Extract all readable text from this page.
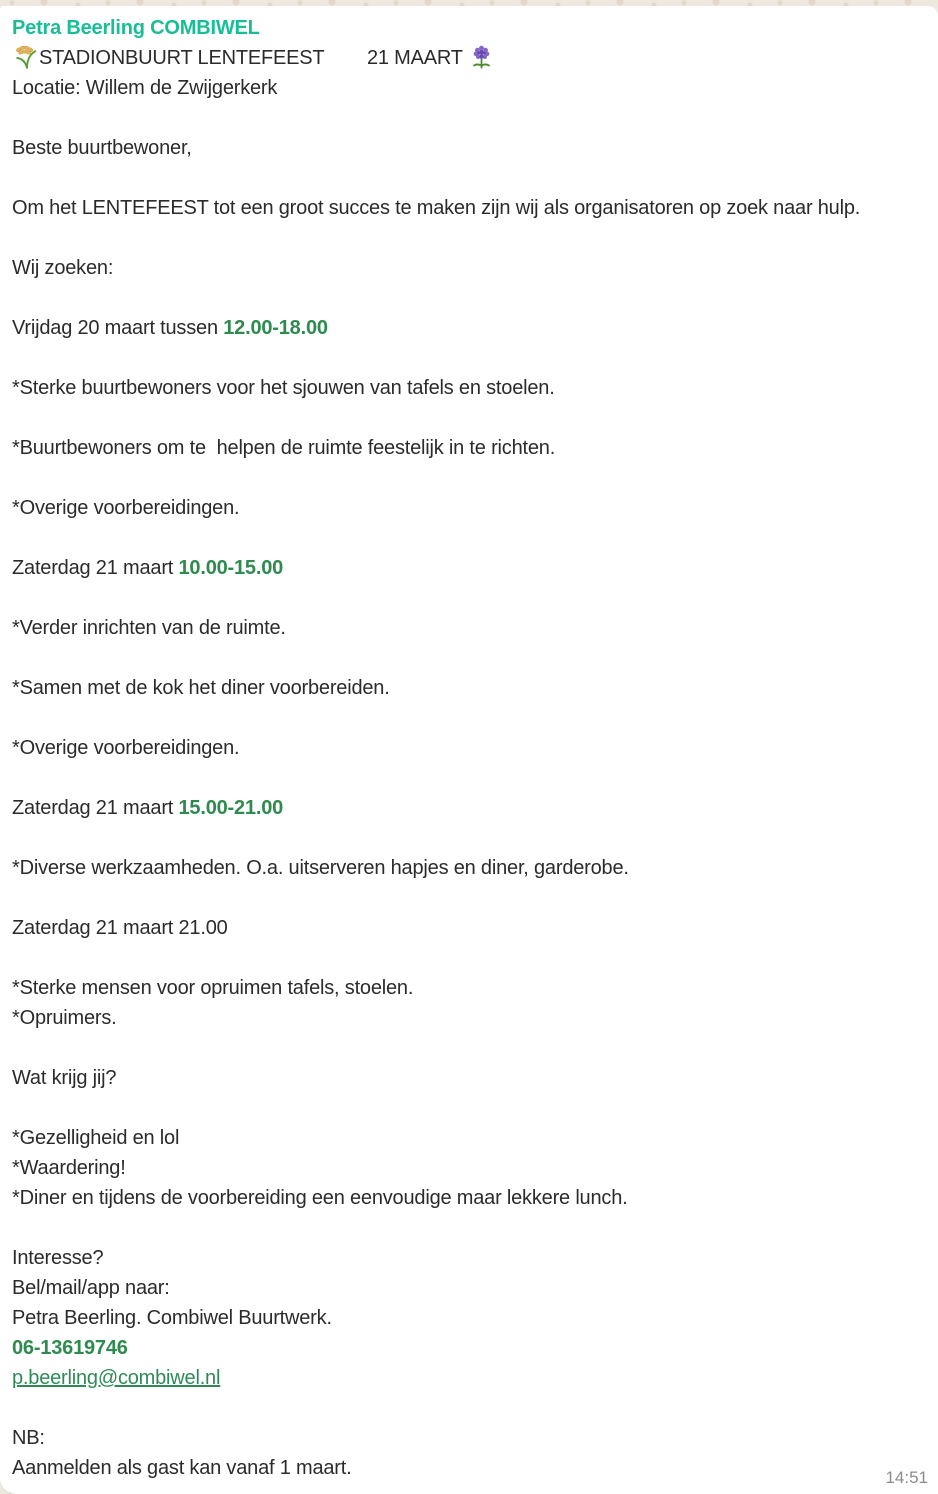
Petra Beerling COMBIWEL
STADIONBUURT LENTEFEEST        21 MAART
Locatie: Willem de Zwijgerkerk
Beste buurtbewoner,
Om het LENTEFEEST tot een groot succes te maken zijn wij als organisatoren op zoek naar hulp.
Wij zoeken:
Vrijdag 20 maart tussen 12.00-18.00
*Sterke buurtbewoners voor het sjouwen van tafels en stoelen.
*Buurtbewoners om te  helpen de ruimte feestelijk in te richten.
*Overige voorbereidingen.
Zaterdag 21 maart 10.00-15.00
*Verder inrichten van de ruimte.
*Samen met de kok het diner voorbereiden.
*Overige voorbereidingen.
Zaterdag 21 maart 15.00-21.00
*Diverse werkzaamheden. O.a. uitserveren hapjes en diner, garderobe.
Zaterdag 21 maart 21.00
*Sterke mensen voor opruimen tafels, stoelen.
*Opruimers.
Wat krijg jij?
*Gezelligheid en lol
*Waardering!
*Diner en tijdens de voorbereiding een eenvoudige maar lekkere lunch.
Interesse?
Bel/mail/app naar:
Petra Beerling. Combiwel Buurtwerk.
06-13619746
p.beerling@combiwel.nl
NB:
Aanmelden als gast kan vanaf 1 maart.	14:51
